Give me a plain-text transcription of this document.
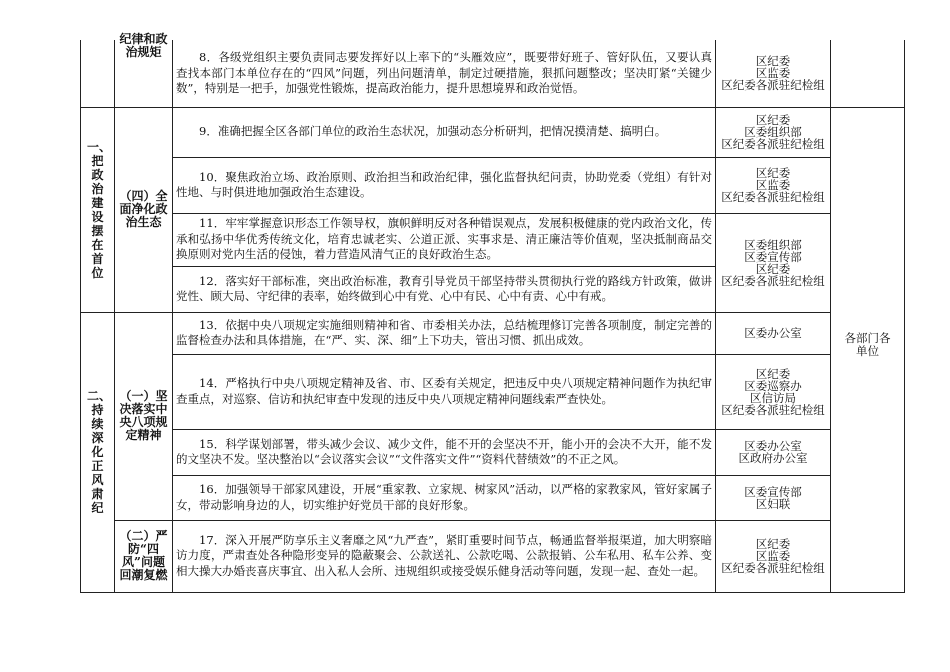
	纪律和政治规矩	8．各级党组织主要负责同志要发挥好以上率下的“头雁效应”，既要带好班子、管好队伍，又要认真查找本部门本单位存在的“四风”问题，列出问题清单，制定过硬措施，狠抓问题整改；坚决盯紧“关键少数”，特别是一把手，加强党性锻炼，提高政治能力，提升思想境界和政治觉悟。	区纪委
区监委
区纪委各派驻纪检组	

一、把政治建设摆在首位	（四）全面净化政治生态	9．准确把握全区各部门单位的政治生态状况，加强动态分析研判，把情况摸清楚、搞明白。	区纪委
区委组织部
区纪委各派驻纪检组	各部门各单位

		10．聚焦政治立场、政治原则、政治担当和政治纪律，强化监督执纪问责，协助党委（党组）有针对性地、与时俱进地加强政治生态建设。	区纪委
区监委
区纪委各派驻纪检组	

		11．牢牢掌握意识形态工作领导权，旗帜鲜明反对各种错误观点，发展积极健康的党内政治文化，传承和弘扬中华优秀传统文化，培育忠诚老实、公道正派、实事求是、清正廉洁等价值观，坚决抵制商品交换原则对党内生活的侵蚀，着力营造风清气正的良好政治生态。	区委组织部
区委宣传部
区纪委
区纪委各派驻纪检组	

		12．落实好干部标准，突出政治标准，教育引导党员干部坚持带头贯彻执行党的路线方针政策，做讲党性、顾大局、守纪律的表率，始终做到心中有党、心中有民、心中有责、心中有戒。		

二、持续深化正风肃纪	（一）坚决落实中央八项规定精神	13．依据中央八项规定实施细则精神和省、市委相关办法，总结梳理修订完善各项制度，制定完善的监督检查办法和具体措施，在“严、实、深、细”上下功夫，管出习惯、抓出成效。	区委办公室	

		14．严格执行中央八项规定精神及省、市、区委有关规定，把违反中央八项规定精神问题作为执纪审查重点，对巡察、信访和执纪审查中发现的违反中央八项规定精神问题线索严查快处。	区纪委
区委巡察办
区信访局
区纪委各派驻纪检组	

		15．科学谋划部署，带头减少会议、减少文件，能不开的会坚决不开，能小开的会决不大开，能不发的文坚决不发。坚决整治以“会议落实会议”“文件落实文件”“资料代替绩效”的不正之风。	区委办公室
区政府办公室	

		16．加强领导干部家风建设，开展“重家教、立家规、树家风”活动，以严格的家教家风，管好家属子女，带动影响身边的人，切实维护好党员干部的良好形象。	区委宣传部
区妇联	

	（二）严防“四风”问题回潮复燃	17．深入开展严防享乐主义奢靡之风“九严查”，紧盯重要时间节点，畅通监督举报渠道，加大明察暗访力度，严肃查处各种隐形变异的隐蔽聚会、公款送礼、公款吃喝、公款报销、公车私用、私车公养、变相大操大办婚丧喜庆事宜、出入私人会所、违规组织或接受娱乐健身活动等问题，发现一起、查处一起。	区纪委
区监委
区纪委各派驻纪检组	
